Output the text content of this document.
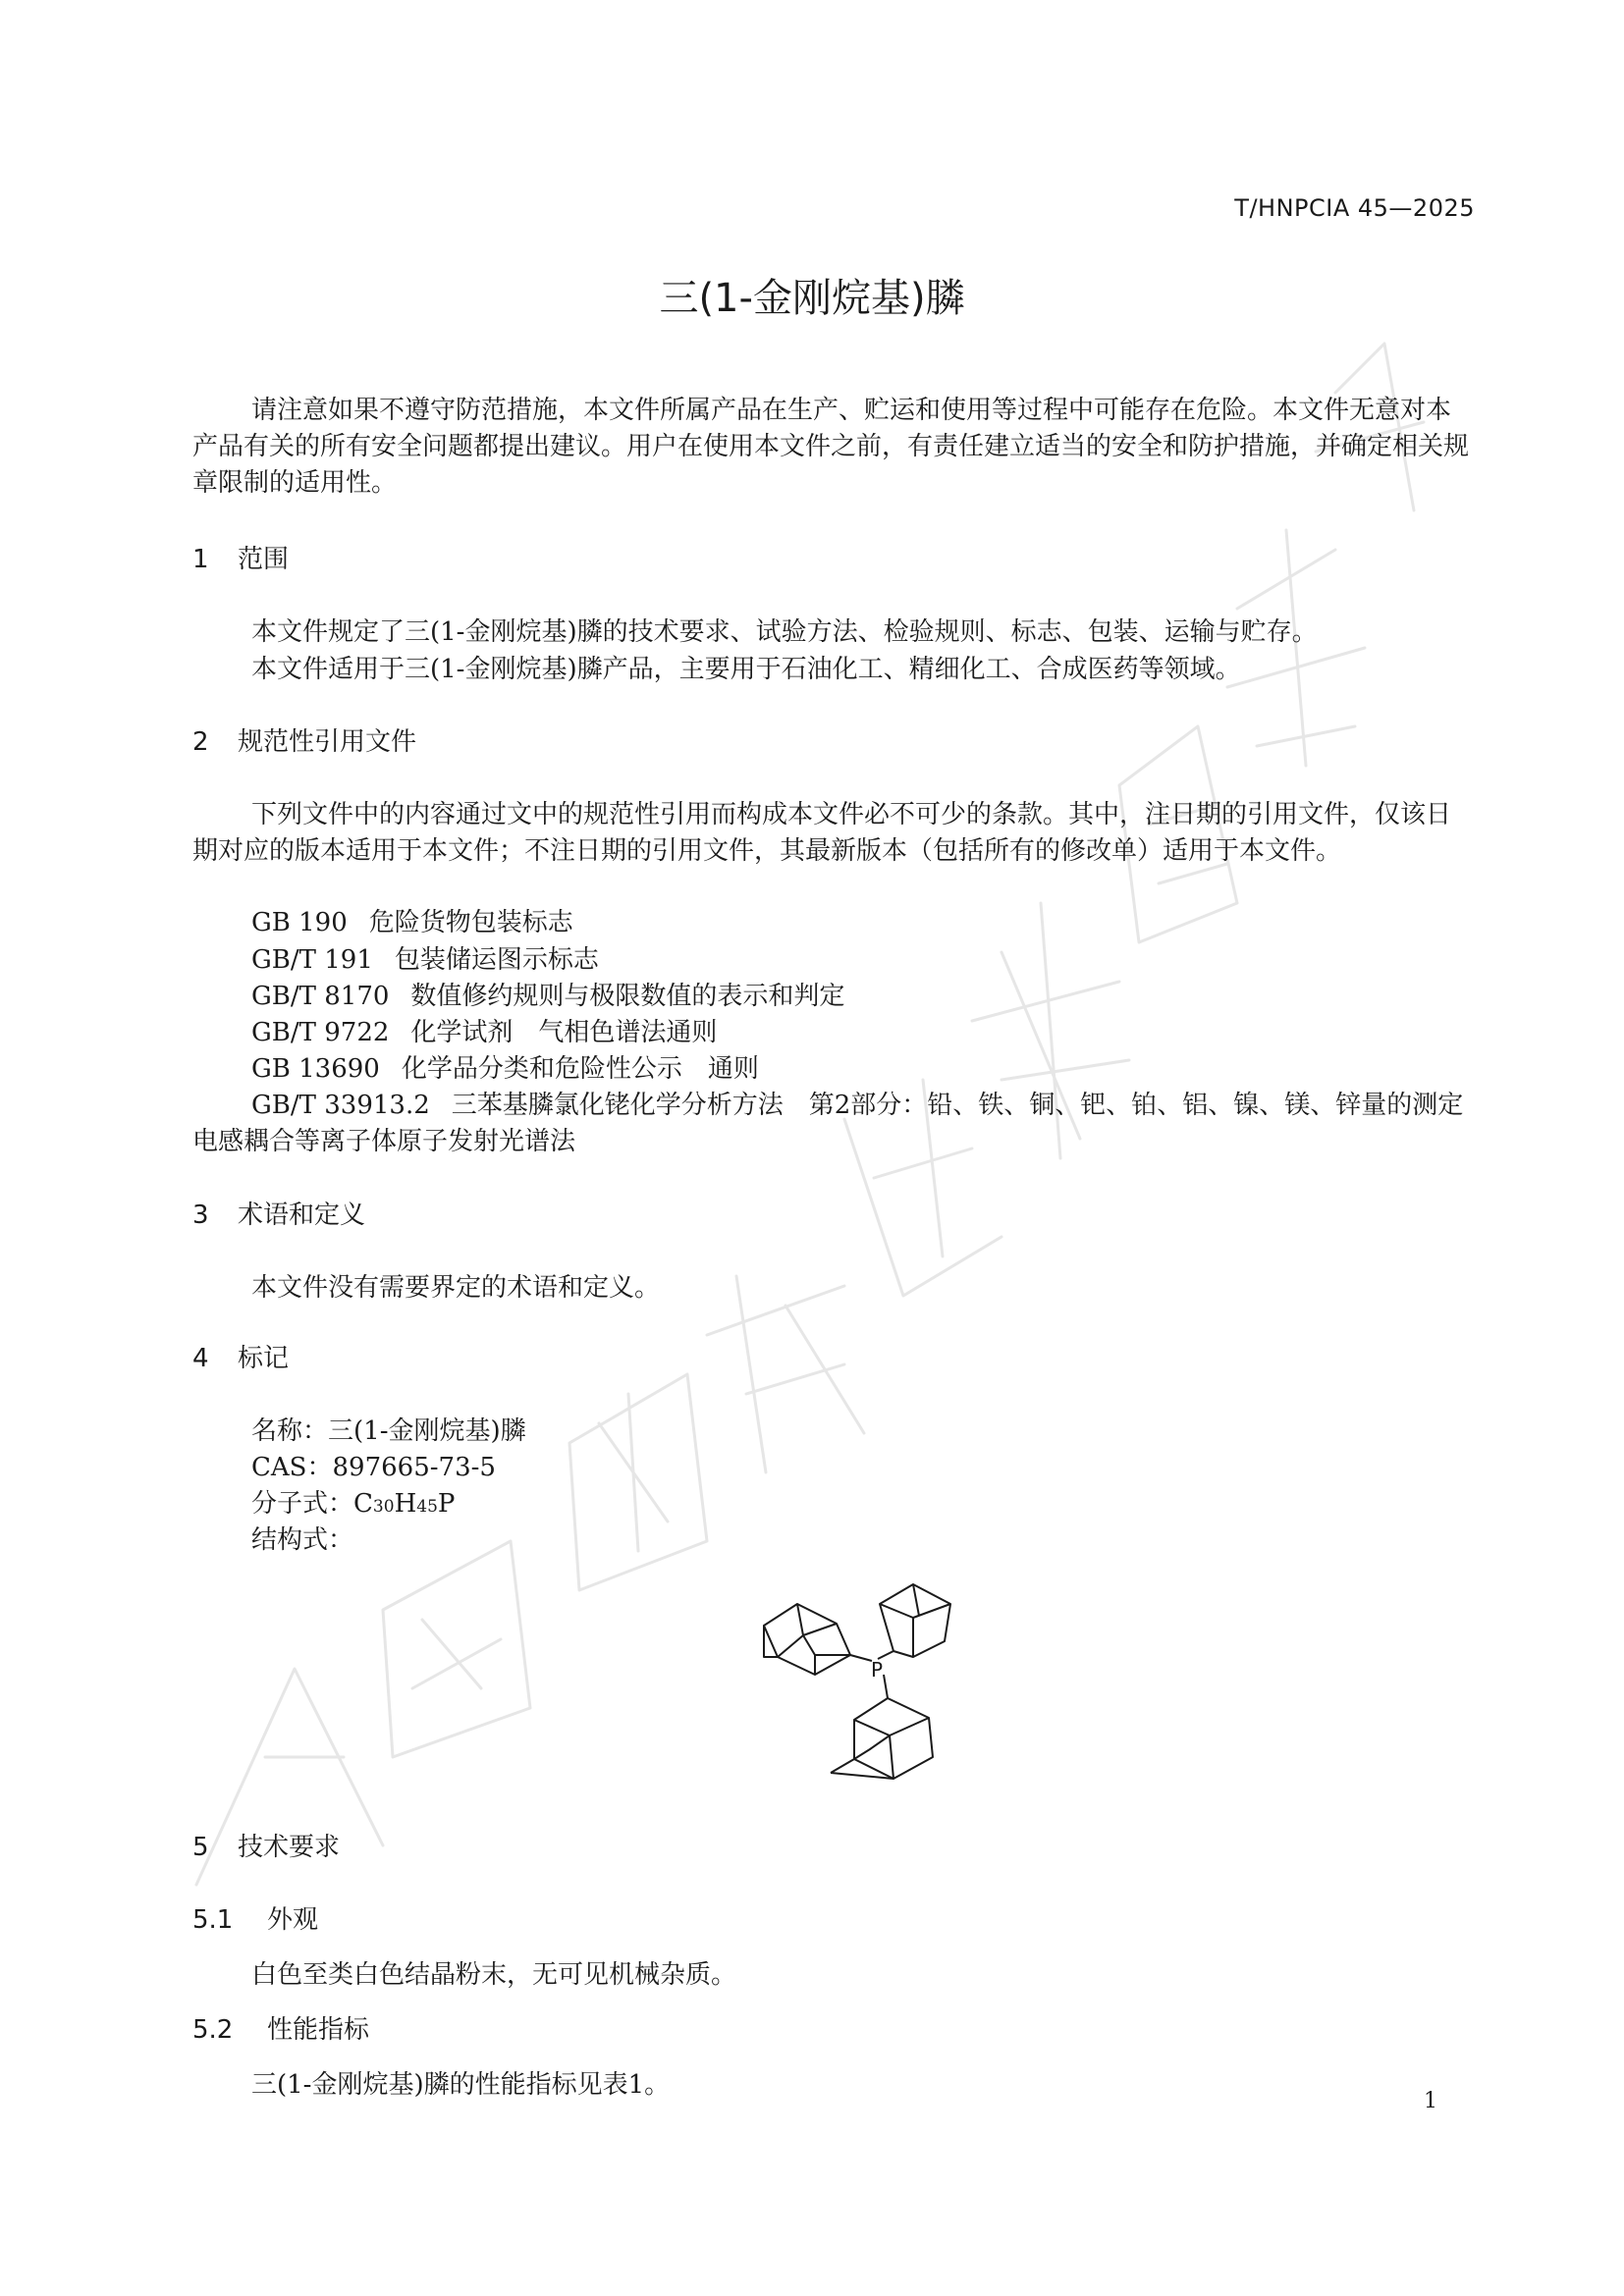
T/HNPCIA 45—2025
三(1-金刚烷基)膦

请注意如果不遵守防范措施，本文件所属产品在生产、贮运和使用等过程中可能存在危险。本文件无意对本产品有关的所有安全问题都提出建议。用户在使用本文件之前，有责任建立适当的安全和防护措施，并确定相关规章限制的适用性。

1 范围

本文件规定了三(1-金刚烷基)膦的技术要求、试验方法、检验规则、标志、包装、运输与贮存。

本文件适用于三(1-金刚烷基)膦产品，主要用于石油化工、精细化工、合成医药等领域。

2 规范性引用文件

下列文件中的内容通过文中的规范性引用而构成本文件必不可少的条款。其中，注日期的引用文件，仅该日期对应的版本适用于本文件；不注日期的引用文件，其最新版本（包括所有的修改单）适用于本文件。

GB 190 危险货物包装标志
GB/T 191 包装储运图示标志
GB/T 8170 数值修约规则与极限数值的表示和判定
GB/T 9722 化学试剂　气相色谱法通则
GB 13690 化学品分类和危险性公示　通则

GB/T 33913.2 三苯基膦氯化铑化学分析方法　第2部分：铅、铁、铜、钯、铂、铝、镍、镁、锌量的测定　电感耦合等离子体原子发射光谱法

3 术语和定义

本文件没有需要界定的术语和定义。

4 标记
名称：三(1-金刚烷基)膦
CAS：897665-73-5
分子式：C30H45P
结构式：
P
5 技术要求
5.1 外观

白色至类白色结晶粉末，无可见机械杂质。

5.2 性能指标

三(1-金刚烷基)膦的性能指标见表1。

1
